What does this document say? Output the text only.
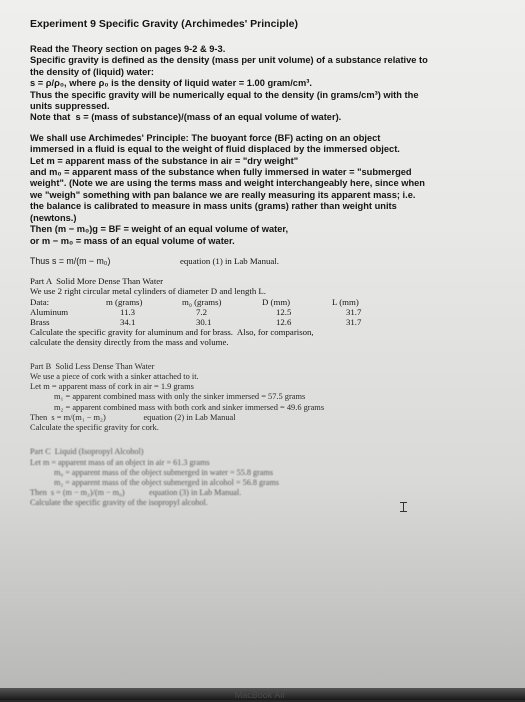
Experiment 9 Specific Gravity (Archimedes' Principle)
Read the Theory section on pages 9-2 & 9-3.
Specific gravity is defined as the density (mass per unit volume) of a substance relative to
the density of (liquid) water:
s = ρ/ρ₀, where ρ₀ is the density of liquid water = 1.00 gram/cm³.
Thus the specific gravity will be numerically equal to the density (in grams/cm³) with the
units suppressed.
Note that  s = (mass of substance)/(mass of an equal volume of water).
We shall use Archimedes' Principle: The buoyant force (BF) acting on an object
immersed in a fluid is equal to the weight of fluid displaced by the immersed object.
Let m = apparent mass of the substance in air = "dry weight"
and m₀ = apparent mass of the substance when fully immersed in water = "submerged
weight". (Note we are using the terms mass and weight interchangeably here, since when
we "weigh" something with pan balance we are really measuring its apparent mass; i.e.
the balance is calibrated to measure in mass units (grams) rather than weight units
(newtons.)
Then (m − m₀)g = BF = weight of an equal volume of water,
or m − m₀ = mass of an equal volume of water.
Thus s = m/(m − m₀)	equation (1) in Lab Manual.
Part A  Solid More Dense Than Water
We use 2 right circular metal cylinders of diameter D and length L.
Data:	m (grams)	m₀ (grams)	D (mm)	L (mm)
Aluminum	11.3	7.2	12.5	31.7
Brass	34.1	30.1	12.6	31.7
Calculate the specific gravity for aluminum and for brass.  Also, for comparison,
calculate the density directly from the mass and volume.
Part B  Solid Less Dense Than Water
We use a piece of cork with a sinker attached to it.
Let m = apparent mass of cork in air = 1.9 grams
m₁ = apparent combined mass with only the sinker immersed = 57.5 grams
m₂ = apparent combined mass with both cork and sinker immersed = 49.6 grams
Then  s = m/(m₁ − m₂)                  equation (2) in Lab Manual
Calculate the specific gravity for cork.
Part C  Liquid (Isopropyl Alcohol)
Let m = apparent mass of an object in air = 61.3 grams
m₀ = apparent mass of the object submerged in water = 55.8 grams
m₂ = apparent mass of the object submerged in alcohol = 56.8 grams
Then  s = (m − m₂)/(m − m₀)            equation (3) in Lab Manual.
Calculate the specific gravity of the isopropyl alcohol.
MacBook Air
